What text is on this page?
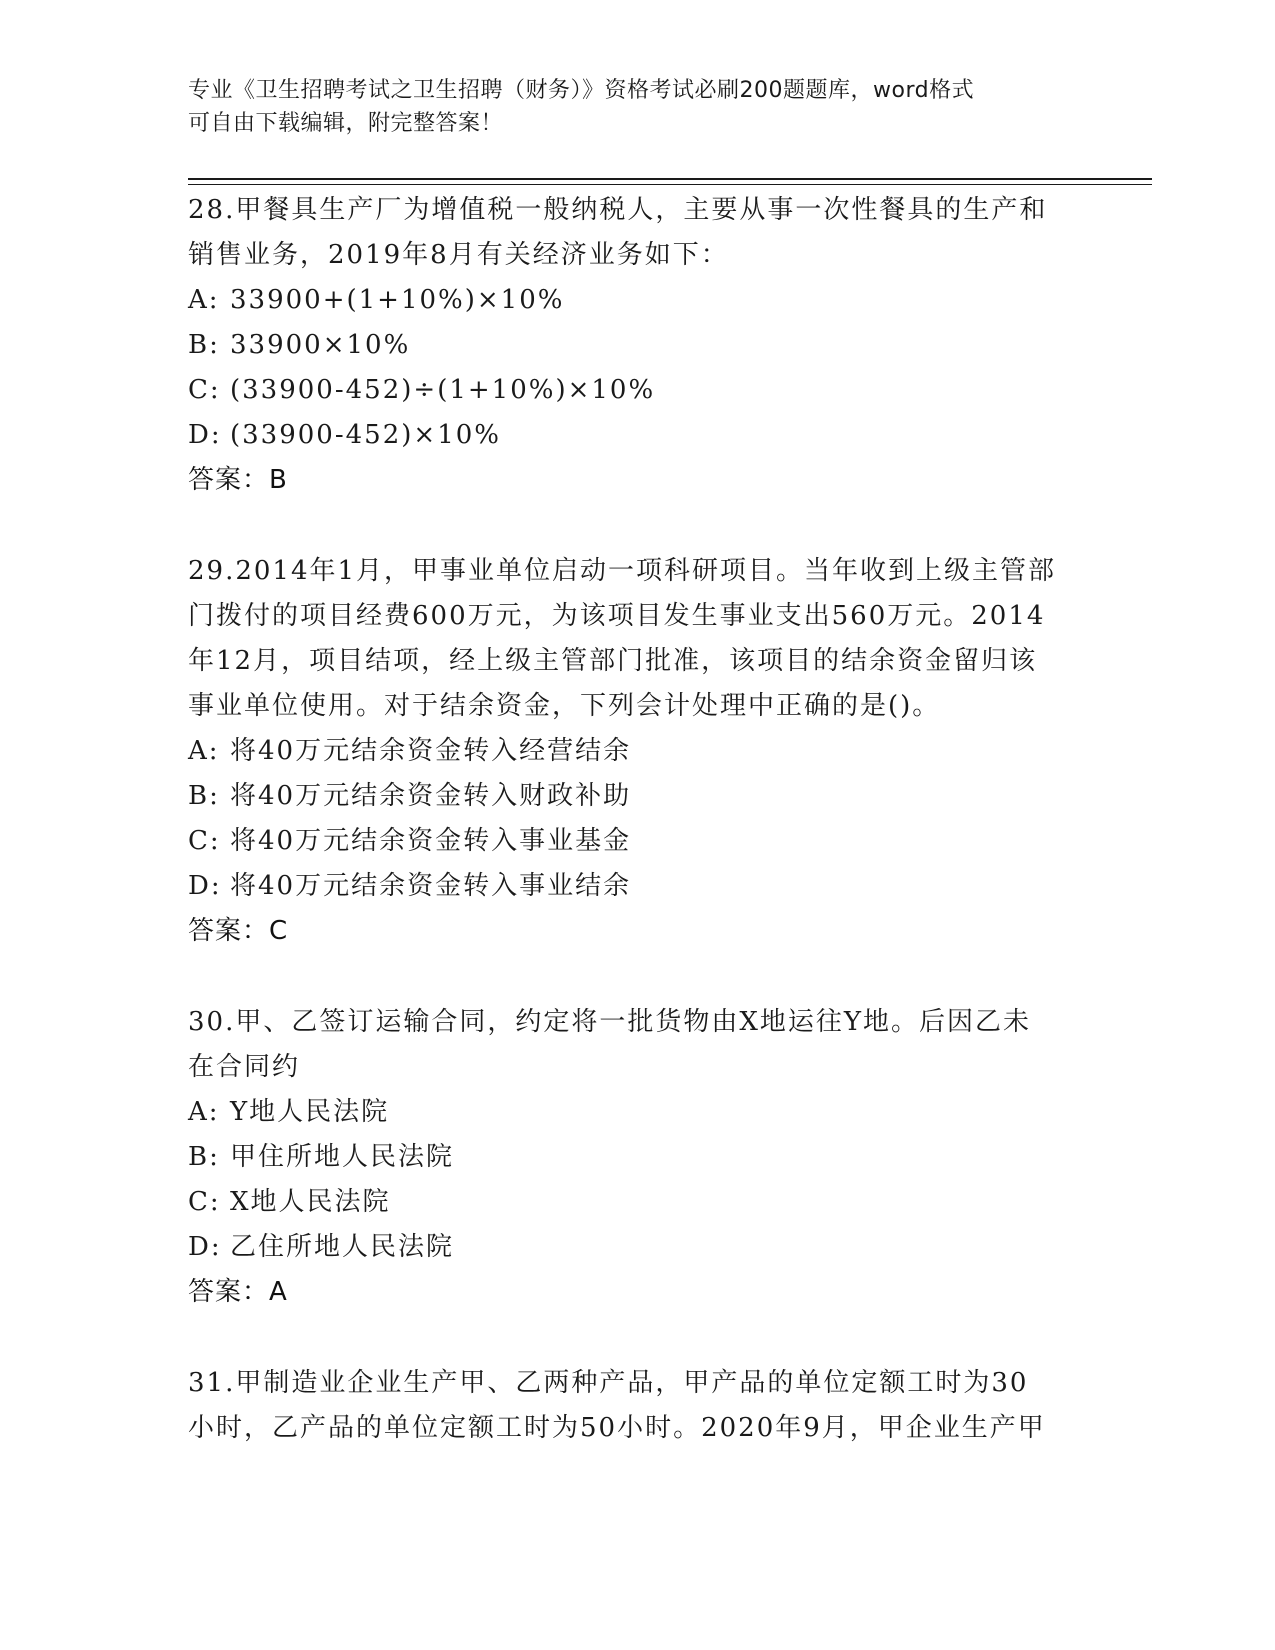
专业《卫生招聘考试之卫生招聘（财务）》资格考试必刷200题题库，word格式
可自由下载编辑，附完整答案！
28.甲餐具生产厂为增值税一般纳税人，主要从事一次性餐具的生产和
销售业务，2019年8月有关经济业务如下：
A: 33900+(1+10%)×10%
B: 33900×10%
C: (33900-452)÷(1+10%)×10%
D: (33900-452)×10%
答案：B
29.2014年1月，甲事业单位启动一项科研项目。当年收到上级主管部
门拨付的项目经费600万元，为该项目发生事业支出560万元。2014
年12月，项目结项，经上级主管部门批准，该项目的结余资金留归该
事业单位使用。对于结余资金，下列会计处理中正确的是()。
A: 将40万元结余资金转入经营结余
B: 将40万元结余资金转入财政补助
C: 将40万元结余资金转入事业基金
D: 将40万元结余资金转入事业结余
答案：C
30.甲、乙签订运输合同，约定将一批货物由X地运往Y地。后因乙未
在合同约
A: Y地人民法院
B: 甲住所地人民法院
C: X地人民法院
D: 乙住所地人民法院
答案：A
31.甲制造业企业生产甲、乙两种产品，甲产品的单位定额工时为30
小时，乙产品的单位定额工时为50小时。2020年9月，甲企业生产甲
